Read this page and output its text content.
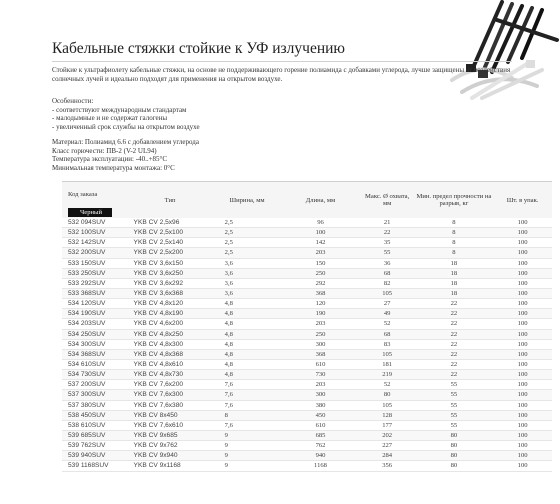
Кабельные стяжки стойкие к УФ излучению
Стойкие к ультрафиолету кабельные стяжки, на основе не поддерживающего горение полиамида с добавками углерода, лучше защищены от воздействия солнечных лучей и идеально подходят для применения на открытом воздухе.
Особенности:
- соответствуют международным стандартам
- малодымные и не содержат галогены
- увеличенный срок службы на открытом воздухе
Материал: Полиамид 6.6 с добавлением углерода
Класс горючести: ПВ-2 (V-2 UL94)
Температура эксплуатации: -40..+85°C
Минимальная температура монтажа: 0°C
Код заказа	Тип	Ширина, мм	Длина, мм	Макс. Ø охвата, мм	Мин. предел прочности на разрыв, кг	Шт. в упак.
Черный						
532 094SUV	YKB CV 2,5x96	2,5	96	21	8	100
532 100SUV	YKB CV 2,5x100	2,5	100	22	8	100
532 142SUV	YKB CV 2,5x140	2,5	142	35	8	100
532 200SUV	YKB CV 2,5x200	2,5	203	55	8	100
533 150SUV	YKB CV 3,6x150	3,6	150	36	18	100
533 250SUV	YKB CV 3,6x250	3,6	250	68	18	100
533 292SUV	YKB CV 3,6x292	3,6	292	82	18	100
533 368SUV	YKB CV 3,6x368	3,6	368	105	18	100
534 120SUV	YKB CV 4,8x120	4,8	120	27	22	100
534 190SUV	YKB CV 4,8x190	4,8	190	49	22	100
534 203SUV	YKB CV 4,6x200	4,8	203	52	22	100
534 250SUV	YKB CV 4,8x250	4,8	250	68	22	100
534 300SUV	YKB CV 4,8x300	4,8	300	83	22	100
534 368SUV	YKB CV 4,8x368	4,8	368	105	22	100
534 610SUV	YKB CV 4,8x610	4,8	610	181	22	100
534 730SUV	YKB CV 4,8x730	4,8	730	219	22	100
537 200SUV	YKB CV 7,6x200	7,6	203	52	55	100
537 300SUV	YKB CV 7,6x300	7,6	300	80	55	100
537 380SUV	YKB CV 7,6x380	7,6	380	105	55	100
538 450SUV	YKB CV 8x450	8	450	128	55	100
538 610SUV	YKB CV 7,6x610	7,6	610	177	55	100
539 685SUV	YKB CV 9x685	9	685	202	80	100
539 762SUV	YKB CV 9x762	9	762	227	80	100
539 940SUV	YKB CV 9x940	9	940	284	80	100
539 1168SUV	YKB CV 9x1168	9	1168	356	80	100
